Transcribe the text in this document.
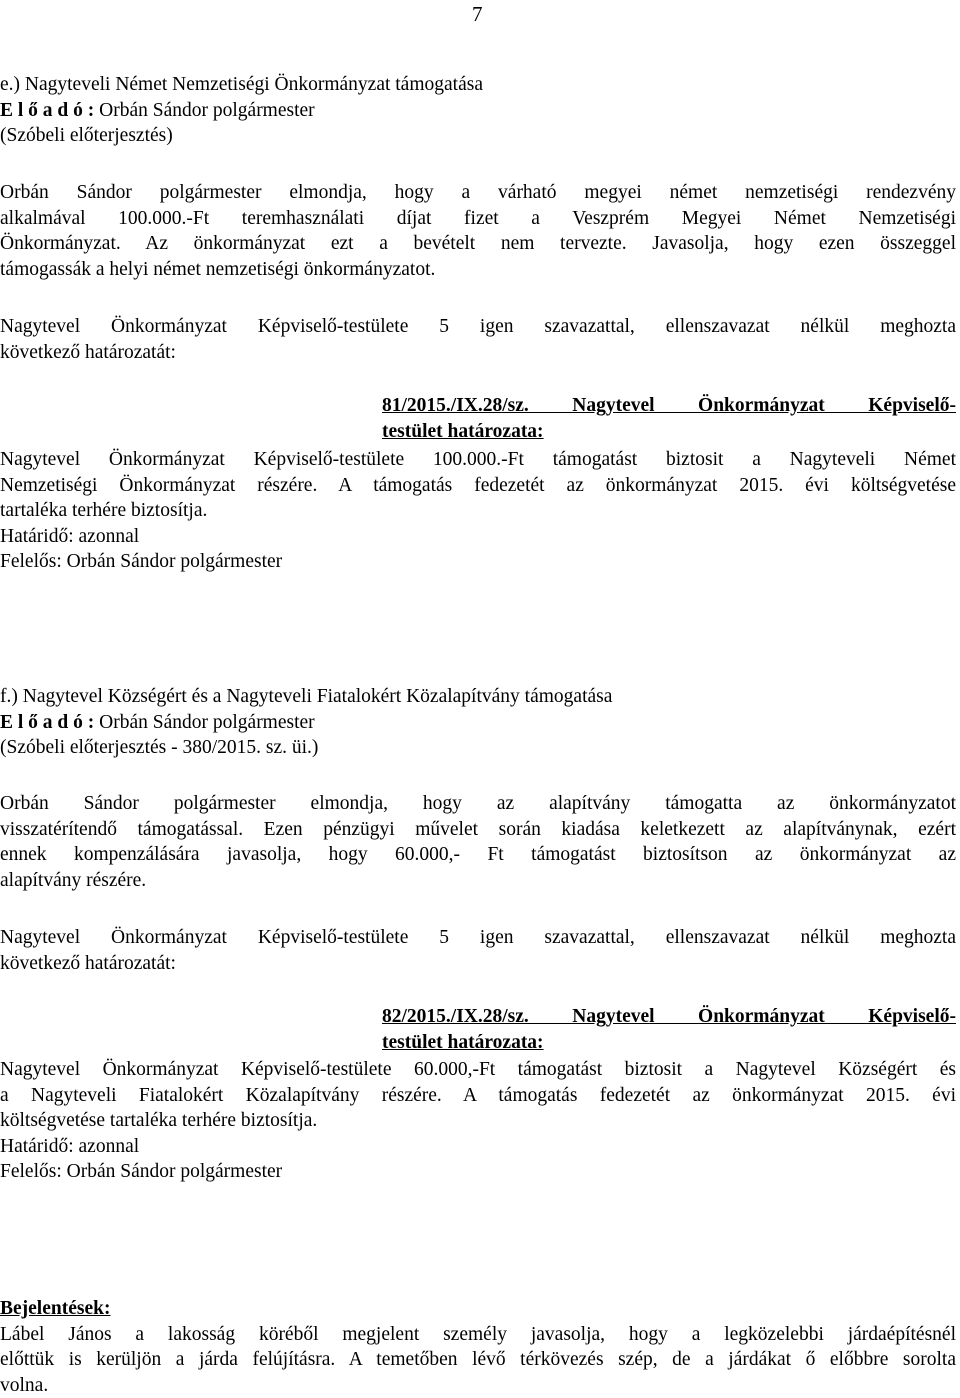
7
e.) Nagyteveli Német Nemzetiségi Önkormányzat támogatása
E l ő a d ó : Orbán Sándor polgármester
(Szóbeli előterjesztés)
Orbán Sándor polgármester elmondja, hogy a várható megyei német nemzetiségi rendezvény
alkalmával 100.000.-Ft teremhasználati díjat fizet a Veszprém Megyei Német Nemzetiségi
Önkormányzat. Az önkormányzat ezt a bevételt nem tervezte. Javasolja, hogy ezen összeggel
támogassák a helyi német nemzetiségi önkormányzatot.
Nagytevel Önkormányzat Képviselő-testülete 5 igen szavazattal, ellenszavazat nélkül meghozta
következő határozatát:
81/2015./IX.28/sz. Nagytevel Önkormányzat Képviselő-
testület határozata:
Nagytevel Önkormányzat Képviselő-testülete 100.000.-Ft támogatást biztosit a Nagyteveli Német
Nemzetiségi Önkormányzat részére. A támogatás fedezetét az önkormányzat 2015. évi költségvetése
tartaléka terhére biztosítja.
Határidő: azonnal
Felelős: Orbán Sándor polgármester
f.) Nagytevel Községért és a Nagyteveli Fiatalokért Közalapítvány támogatása
E l ő a d ó : Orbán Sándor polgármester
(Szóbeli előterjesztés - 380/2015. sz. üi.)
Orbán Sándor polgármester elmondja, hogy az alapítvány támogatta az önkormányzatot
visszatérítendő támogatással. Ezen pénzügyi művelet során kiadása keletkezett az alapítványnak, ezért
ennek kompenzálására javasolja, hogy 60.000,- Ft támogatást biztosítson az önkormányzat az
alapítvány részére.
Nagytevel Önkormányzat Képviselő-testülete 5 igen szavazattal, ellenszavazat nélkül meghozta
következő határozatát:
82/2015./IX.28/sz. Nagytevel Önkormányzat Képviselő-
testület határozata:
Nagytevel Önkormányzat Képviselő-testülete 60.000,-Ft támogatást biztosit a Nagytevel Községért és
a Nagyteveli Fiatalokért Közalapítvány részére. A támogatás fedezetét az önkormányzat 2015. évi
költségvetése tartaléka terhére biztosítja.
Határidő: azonnal
Felelős: Orbán Sándor polgármester
Bejelentések:
Lábel János a lakosság köréből megjelent személy javasolja, hogy a legközelebbi járdaépítésnél
előttük is kerüljön a járda felújításra. A temetőben lévő térkövezés szép, de a járdákat ő előbbre sorolta
volna.
